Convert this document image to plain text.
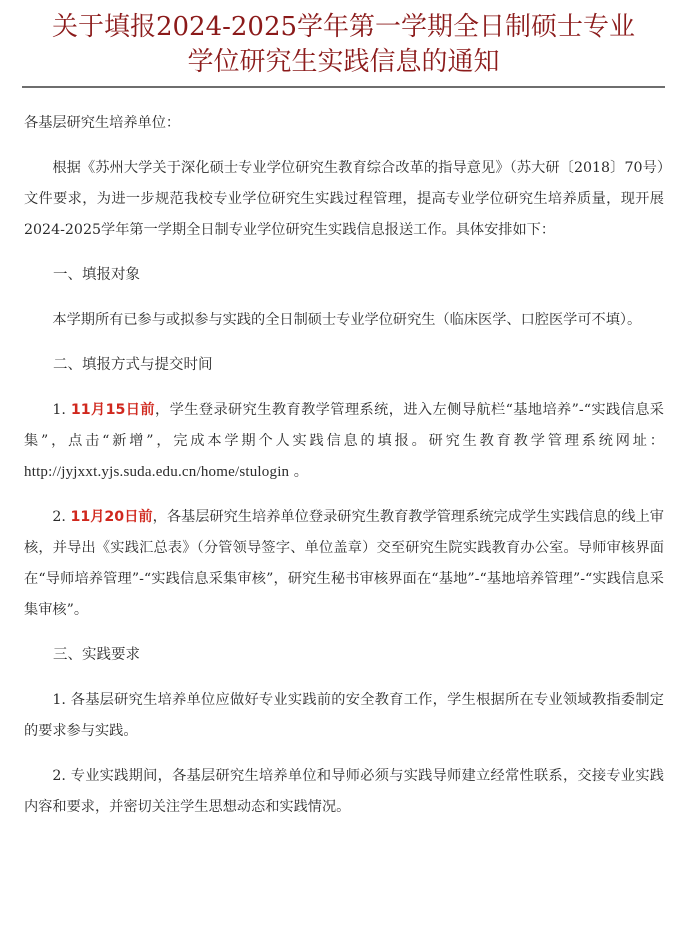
关于填报2024-2025学年第一学期全日制硕士专业
学位研究生实践信息的通知

各基层研究生培养单位：

根据《苏州大学关于深化硕士专业学位研究生教育综合改革的指导意见》（苏大研〔2018〕70号）文件要求，为进一步规范我校专业学位研究生实践过程管理，提高专业学位研究生培养质量，现开展2024-2025学年第一学期全日制专业学位研究生实践信息报送工作。具体安排如下：

一、填报对象

本学期所有已参与或拟参与实践的全日制硕士专业学位研究生（临床医学、口腔医学可不填）。

二、填报方式与提交时间

1. 11月15日前，学生登录研究生教育教学管理系统，进入左侧导航栏“基地培养”-“实践信息采集”，点击“新增”，完成本学期个人实践信息的填报。研究生教育教学管理系统网址：http://jyjxxt.yjs.suda.edu.cn/home/stulogin 。

2. 11月20日前，各基层研究生培养单位登录研究生教育教学管理系统完成学生实践信息的线上审核，并导出《实践汇总表》（分管领导签字、单位盖章）交至研究生院实践教育办公室。导师审核界面在“导师培养管理”-“实践信息采集审核”，研究生秘书审核界面在“基地”-“基地培养管理”-“实践信息采集审核”。

三、实践要求

1. 各基层研究生培养单位应做好专业实践前的安全教育工作，学生根据所在专业领域教指委制定的要求参与实践。

2. 专业实践期间，各基层研究生培养单位和导师必须与实践导师建立经常性联系，交接专业实践内容和要求，并密切关注学生思想动态和实践情况。
